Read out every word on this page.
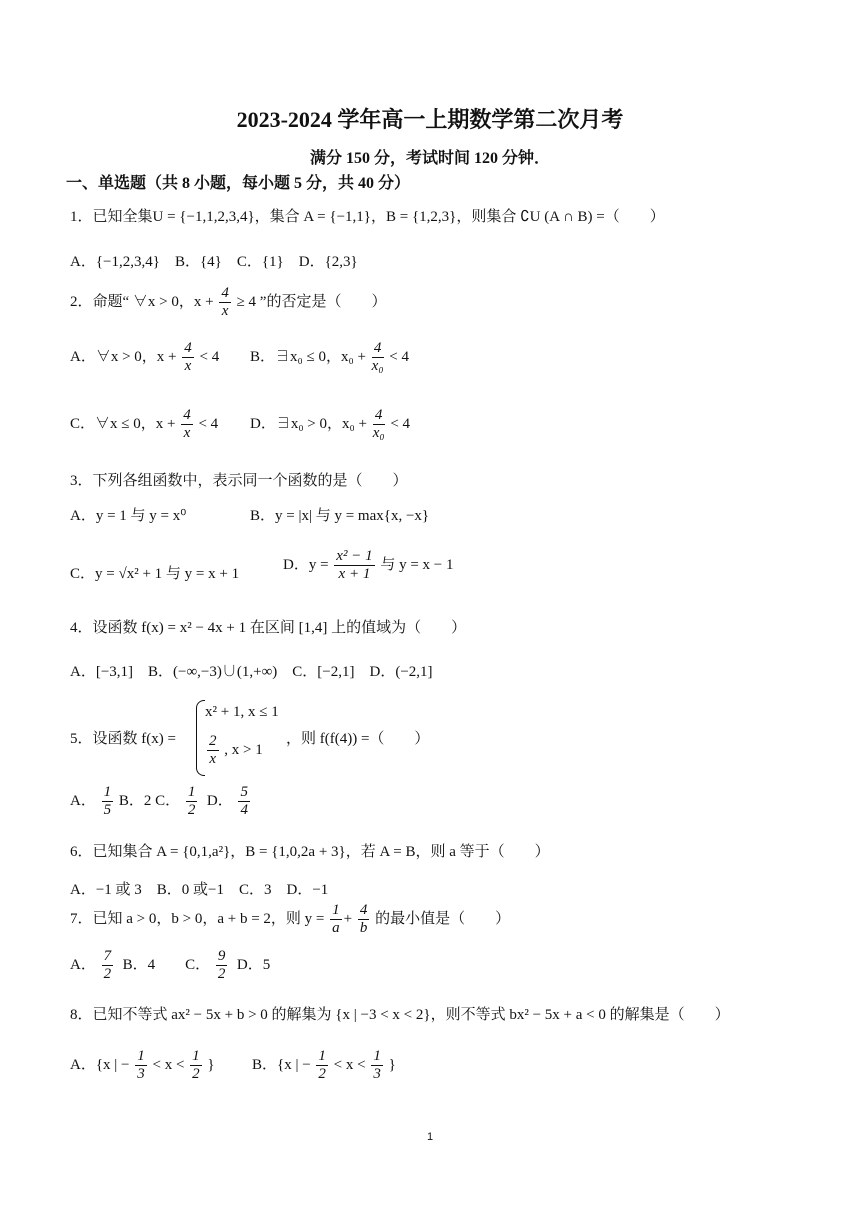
2023-2024 学年高一上期数学第二次月考
满分 150 分，考试时间 120 分钟．
一、单选题（共 8 小题，每小题 5 分，共 40 分）
1．已知全集U = {−1,1,2,3,4}，集合 A = {−1,1}，B = {1,2,3}，则集合 ∁U (A ∩ B) =（　　）
A．{−1,2,3,4}　B．{4}　C．{1}　D．{2,3}
2．命题“ ∀x > 0，$x + \frac{4}{x} \ge 4$ ”的否定是（　　）
A．∀x > 0，$x + \frac{4}{x} < 4$ B．∃x₀ ≤ 0，$x_0 + \frac{4}{\text{x₀}} < 4$
C．∀x ≤ 0，$x + \frac{4}{x} < 4$ D．∃x₀ > 0，$x_0 + \frac{4}{\text{x₀}} < 4$
3．下列各组函数中，表示同一个函数的是（　　）
A．y = 1 与 y = x⁰	B．y = |x| 与 y = max{x, −x}
C．y = √x² + 1 与 y = x + 1
D．$y = \frac{\text{x² − 1}}{x + 1}$ 与 y = x − 1
4．设函数 f(x) = x² − 4x + 1 在区间 [1,4] 上的值域为（　　）
A．[−3,1]　B．(−∞,−3)∪(1,+∞)　C．[−2,1]　D．(−2,1]
5．设函数 f(x) =
x² + 1, x ≤ 1
$\frac{2}{x}$ , x > 1
，则 f(f(4)) =（　　）
A． $\frac{1}{5}$ B．2 C． $\frac{1}{2}$ D． $\frac{5}{4}$
6．已知集合 A = {0,1,a²}，B = {1,0,2a + 3}，若 A = B，则 a 等于（　　）
A．−1 或 3　B．0 或−1　C．3　D．−1
7．已知 a > 0，b > 0，a + b = 2，则 $y = \frac{1}{a} + \frac{4}{b}$ 的最小值是（　　）
A． $\frac{7}{2}$ B．4　　C． $\frac{9}{2}$ D．5
8．已知不等式 ax² − 5x + b > 0 的解集为 {x | −3 < x < 2}，则不等式 bx² − 5x + a < 0 的解集是（　　）
A．{x | − $\frac{1}{3} < x < \frac{1}{2}$ } B．{x | − $\frac{1}{2} < x < \frac{1}{3}$ }
1
